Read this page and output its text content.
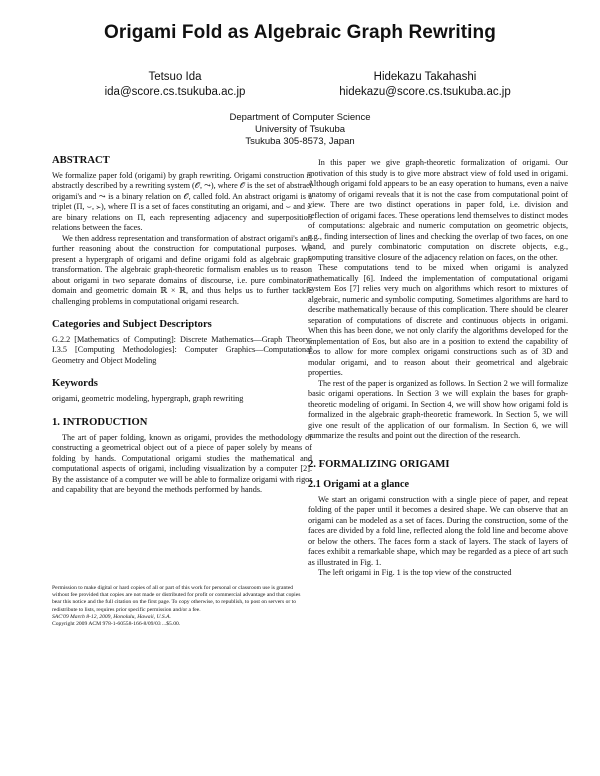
Origami Fold as Algebraic Graph Rewriting
Tetsuo Ida
ida@score.cs.tsukuba.ac.jp
Hidekazu Takahashi
hidekazu@score.cs.tsukuba.ac.jp
Department of Computer Science
University of Tsukuba
Tsukuba 305-8573, Japan
ABSTRACT

We formalize paper fold (origami) by graph rewriting. Origami construction is abstractly described by a rewriting system (𝒪, ⤳), where 𝒪 is the set of abstract origami's and ⤳ is a binary relation on 𝒪, called fold. An abstract origami is a triplet (Π, ⌣, ≻), where Π is a set of faces constituting an origami, and ⌣ and ≻ are binary relations on Π, each representing adjacency and superposition relations between the faces.

We then address representation and transformation of abstract origami's and further reasoning about the construction for computational purposes. We present a hypergraph of origami and define origami fold as algebraic graph transformation. The algebraic graph-theoretic formalism enables us to reason about origami in two separate domains of discourse, i.e. pure combinatoric domain and geometric domain ℝ × ℝ, and thus helps us to further tackle challenging problems in computational origami research.

Categories and Subject Descriptors

G.2.2 [Mathematics of Computing]: Discrete Mathematics—Graph Theory; I.3.5 [Computing Methodologies]: Computer Graphics—Computational Geometry and Object Modeling

Keywords

origami, geometric modeling, hypergraph, graph rewriting

1. INTRODUCTION

The art of paper folding, known as origami, provides the methodology of constructing a geometrical object out of a piece of paper solely by means of folding by hands. Computational origami studies the mathematical and computational aspects of origami, including visualization by a computer [2]. By the assistance of a computer we will be able to formalize origami with rigor and capability that are beyond the methods performed by hands.

Permission to make digital or hard copies of all or part of this work for personal or classroom use is granted without fee provided that copies are not made or distributed for profit or commercial advantage and that copies bear this notice and the full citation on the first page. To copy otherwise, to republish, to post on servers or to redistribute to lists, requires prior specific permission and/or a fee.
SAC'09 March 8-12, 2009, Honolulu, Hawaii, U.S.A.
Copyright 2009 ACM 978-1-60558-166-8/09/03 ...$5.00.

In this paper we give graph-theoretic formalization of origami. Our motivation of this study is to give more abstract view of fold used in origami. Although origami fold appears to be an easy operation to humans, even a naive anatomy of origami reveals that it is not the case from computational point of view. There are two distinct operations in paper fold, i.e. division and reflection of origami faces. These operations lend themselves to distinct modes of computations: algebraic and numeric computation on geometric objects, e.g., finding intersection of lines and checking the overlap of two faces, on one hand, and purely combinatoric computation on discrete objects, e.g., computing transitive closure of the adjacency relation on faces, on the other.

These computations tend to be mixed when origami is analyzed mathematically [6]. Indeed the implementation of computational origami system Eos [7] relies very much on algorithms which resort to mixtures of algebraic, numeric and symbolic computing. Sometimes algorithms are hard to describe mathematically because of this complication. There should be clearer separation of computations of discrete and continuous objects in origami. When this has been done, we not only clarify the algorithms developed for the implementation of Eos, but also are in a position to extend the capability of Eos to allow for more complex origami constructions such as of 3D and modular origami, and to reason about their geometrical and algebraic properties.

The rest of the paper is organized as follows. In Section 2 we will formalize basic origami operations. In Section 3 we will explain the bases for graph-theoretic modeling of origami. In Section 4, we will show how origami fold is formalized in the algebraic graph-theoretic framework. In Section 5, we will give one result of the application of our formalism. In Section 6, we will summarize the results and point out the direction of the research.

2. FORMALIZING ORIGAMI
2.1 Origami at a glance

We start an origami construction with a single piece of paper, and repeat folding of the paper until it becomes a desired shape. We can observe that an origami can be modeled as a set of faces. During the construction, some of the faces are divided by a fold line, reflected along the fold line and become above or below the others. The faces form a stack of layers. The stack of layers of faces exhibit a remarkable shape, which may be regarded as a piece of art such as illustrated in Fig. 1.

The left origami in Fig. 1 is the top view of the constructed
